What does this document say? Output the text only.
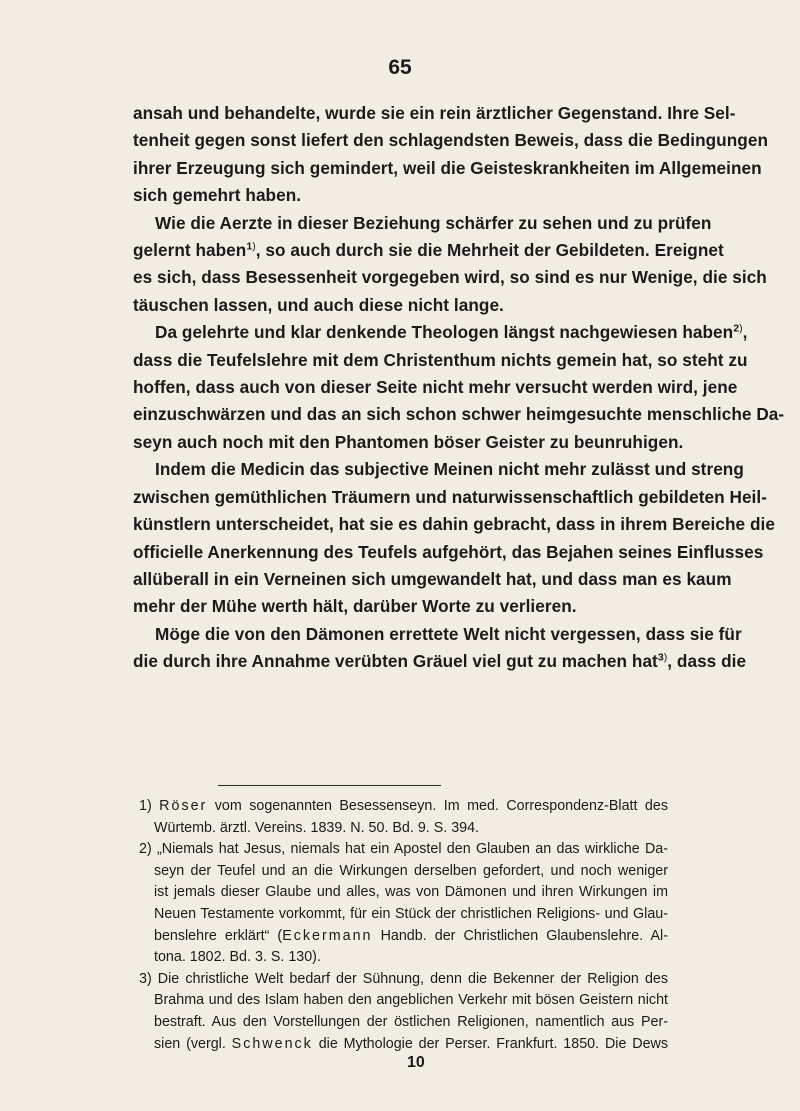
65
ansah und behandelte, wurde sie ein rein ärztlicher Gegenstand. Ihre Sel-
tenheit gegen sonst liefert den schlagendsten Beweis, dass die Bedingungen
ihrer Erzeugung sich gemindert, weil die Geisteskrankheiten im Allgemeinen
sich gemehrt haben.
Wie die Aerzte in dieser Beziehung schärfer zu sehen und zu prüfen
gelernt haben$^{1)}$, so auch durch sie die Mehrheit der Gebildeten. Ereignet
es sich, dass Besessenheit vorgegeben wird, so sind es nur Wenige, die sich
täuschen lassen, und auch diese nicht lange.
Da gelehrte und klar denkende Theologen längst nachgewiesen haben$^{2)}$,
dass die Teufelslehre mit dem Christenthum nichts gemein hat, so steht zu
hoffen, dass auch von dieser Seite nicht mehr versucht werden wird, jene
einzuschwärzen und das an sich schon schwer heimgesuchte menschliche Da-
seyn auch noch mit den Phantomen böser Geister zu beunruhigen.
Indem die Medicin das subjective Meinen nicht mehr zulässt und streng
zwischen gemüthlichen Träumern und naturwissenschaftlich gebildeten Heil-
künstlern unterscheidet, hat sie es dahin gebracht, dass in ihrem Bereiche die
officielle Anerkennung des Teufels aufgehört, das Bejahen seines Einflusses
allüberall in ein Verneinen sich umgewandelt hat, und dass man es kaum
mehr der Mühe werth hält, darüber Worte zu verlieren.
Möge die von den Dämonen errettete Welt nicht vergessen, dass sie für
die durch ihre Annahme verübten Gräuel viel gut zu machen hat$^{3)}$, dass die
1) Röser vom sogenannten Besessenseyn. Im med. Correspondenz-Blatt des
Würtemb. ärztl. Vereins. 1839. N. 50. Bd. 9. S. 394.
2) „Niemals hat Jesus, niemals hat ein Apostel den Glauben an das wirkliche Da-
seyn der Teufel und an die Wirkungen derselben gefordert, und noch weniger
ist jemals dieser Glaube und alles, was von Dämonen und ihren Wirkungen im
Neuen Testamente vorkommt, für ein Stück der christlichen Religions- und Glau-
benslehre erklärt“ (Eckermann Handb. der Christlichen Glaubenslehre. Al-
tona. 1802. Bd. 3. S. 130).
3) Die christliche Welt bedarf der Sühnung, denn die Bekenner der Religion des
Brahma und des Islam haben den angeblichen Verkehr mit bösen Geistern nicht
bestraft. Aus den Vorstellungen der östlichen Religionen, namentlich aus Per-
sien (vergl. Schwenck die Mythologie der Perser. Frankfurt. 1850. Die Dews
10
